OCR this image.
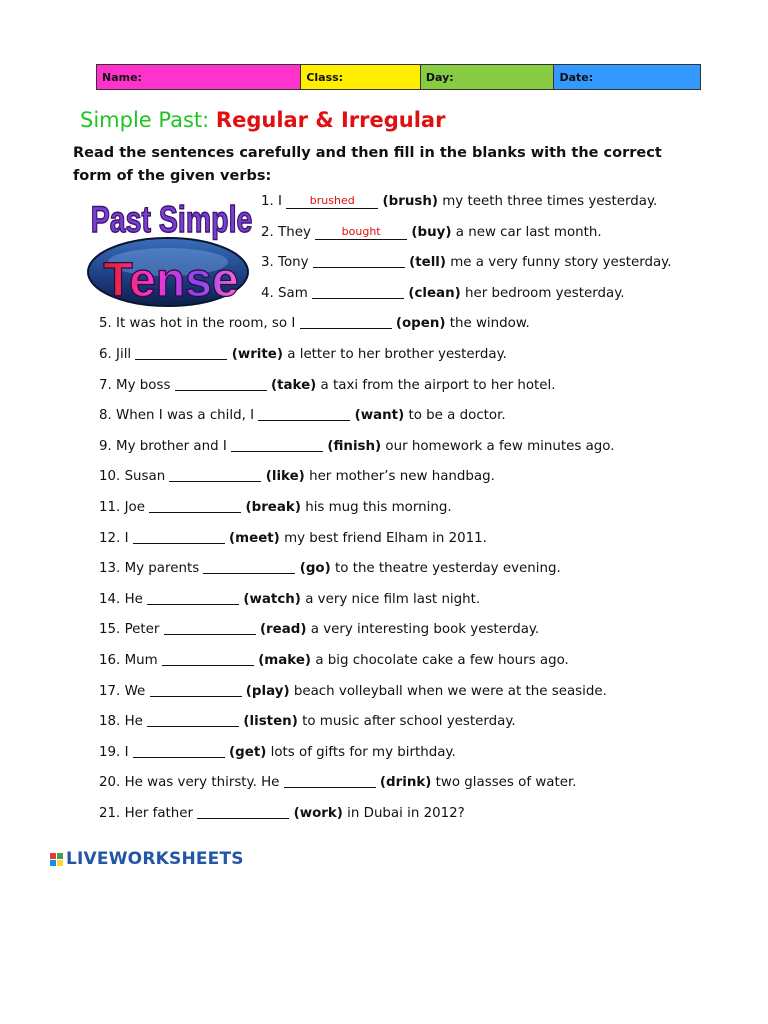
Name:	Class:	Day:	Date:
Simple Past: Regular & Irregular
Read the sentences carefully and then fill in the blanks with the correct form of the given verbs:
Past Simple
Tense
1. I	$^{brushed}$ (brush) my teeth three times yesterday.
2. They	$^{bought}$ (buy) a new car last month.
3. Tony	(tell) me a very funny story yesterday.
4. Sam	(clean) her bedroom yesterday.
5. It was hot in the room, so I	(open) the window.
6. Jill	(write) a letter to her brother yesterday.
7. My boss	(take) a taxi from the airport to her hotel.
8. When I was a child, I	(want) to be a doctor.
9. My brother and I	(finish) our homework a few minutes ago.
10. Susan	(like) her mother’s new handbag.
11. Joe	(break) his mug this morning.
12. I	(meet) my best friend Elham in 2011.
13. My parents	(go) to the theatre yesterday evening.
14. He	(watch) a very nice film last night.
15. Peter	(read) a very interesting book yesterday.
16. Mum	(make) a big chocolate cake a few hours ago.
17. We	(play) beach volleyball when we were at the seaside.
18. He	(listen) to music after school yesterday.
19. I	(get) lots of gifts for my birthday.
20. He was very thirsty. He	(drink) two glasses of water.
21. Her father	(work) in Dubai in 2012?
LIVEWORKSHEETS
